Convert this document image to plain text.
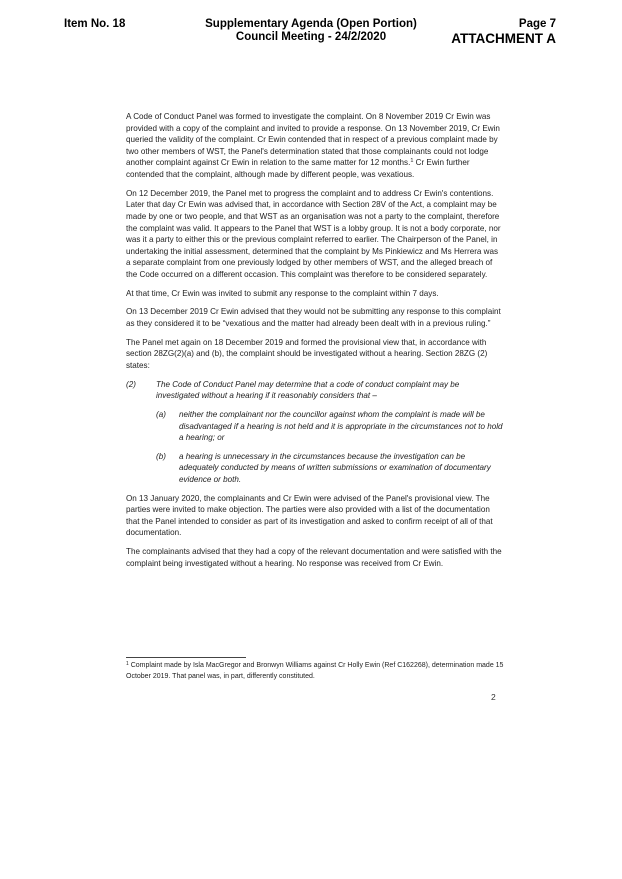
Item No. 18	Supplementary Agenda (Open Portion)
Council Meeting - 24/2/2020
Page 7
ATTACHMENT A

A Code of Conduct Panel was formed to investigate the complaint. On 8 November 2019 Cr Ewin was provided with a copy of the complaint and invited to provide a response. On 13 November 2019, Cr Ewin queried the validity of the complaint. Cr Ewin contended that in respect of a previous complaint made by two other members of WST, the Panel's determination stated that those complainants could not lodge another complaint against Cr Ewin in relation to the same matter for 12 months.$^1$ Cr Ewin further contended that the complaint, although made by different people, was vexatious.

On 12 December 2019, the Panel met to progress the complaint and to address Cr Ewin's contentions. Later that day Cr Ewin was advised that, in accordance with Section 28V of the Act, a complaint may be made by one or two people, and that WST as an organisation was not a party to the complaint, therefore the complaint was valid. It appears to the Panel that WST is a lobby group. It is not a body corporate, nor was it a party to either this or the previous complaint referred to earlier. The Chairperson of the Panel, in undertaking the initial assessment, determined that the complaint by Ms Pinkiewicz and Ms Herrera was a separate complaint from one previously lodged by other members of WST, and the alleged breach of the Code occurred on a different occasion. This complaint was therefore to be considered separately.

At that time, Cr Ewin was invited to submit any response to the complaint within 7 days.

On 13 December 2019 Cr Ewin advised that they would not be submitting any response to this complaint as they considered it to be “vexatious and the matter had already been dealt with in a previous ruling.”

The Panel met again on 18 December 2019 and formed the provisional view that, in accordance with section 28ZG(2)(a) and (b), the complaint should be investigated without a hearing. Section 28ZG (2) states:

(2) The Code of Conduct Panel may determine that a code of conduct complaint may be investigated without a hearing if it reasonably considers that –
(a) neither the complainant nor the councillor against whom the complaint is made will be disadvantaged if a hearing is not held and it is appropriate in the circumstances not to hold a hearing; or
(b) a hearing is unnecessary in the circumstances because the investigation can be adequately conducted by means of written submissions or examination of documentary evidence or both.

On 13 January 2020, the complainants and Cr Ewin were advised of the Panel's provisional view. The parties were invited to make objection. The parties were also provided with a list of the documentation that the Panel intended to consider as part of its investigation and asked to confirm receipt of all of that documentation.

The complainants advised that they had a copy of the relevant documentation and were satisfied with the complaint being investigated without a hearing. No response was received from Cr Ewin.

$^1$ Complaint made by Isla MacGregor and Bronwyn Williams against Cr Holly Ewin (Ref C162268), determination made 15 October 2019. That panel was, in part, differently constituted.
2
